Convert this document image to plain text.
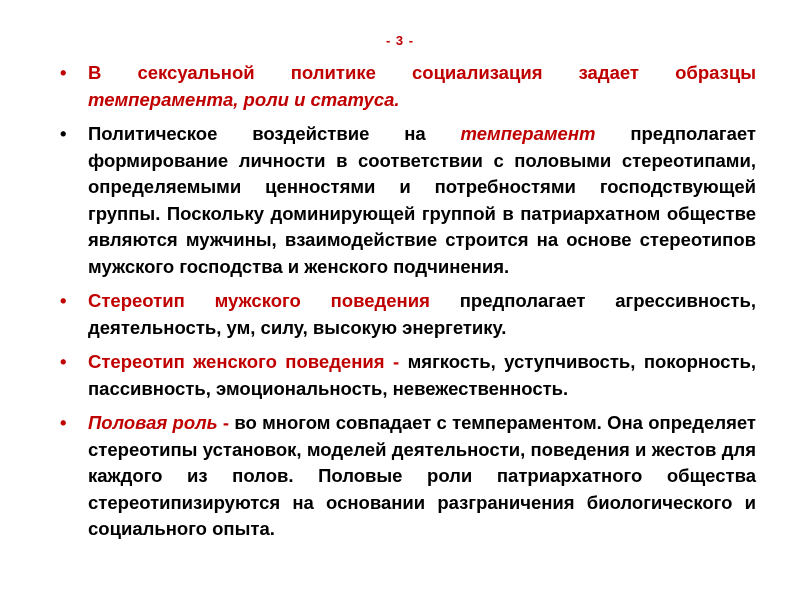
- 3 -
• В сексуальной политике социализация задает образцы темперамента, роли и статуса.
• Политическое воздействие на темперамент предполагает формирование личности в соответствии с половыми стереотипами, определяемыми ценностями и потребностями господствующей группы. Поскольку доминирующей группой в патриархатном обществе являются мужчины, взаимодействие строится на основе стереотипов мужского господства и женского подчинения.
• Стереотип мужского поведения предполагает агрессивность, деятельность, ум, силу, высокую энергетику.
• Стереотип женского поведения - мягкость, уступчивость, покорность, пассивность, эмоциональность, невежественность.
• Половая роль - во многом совпадает с темпераментом. Она определяет стереотипы установок, моделей деятельности, поведения и жестов для каждого из полов. Половые роли патриархатного общества стереотипизируются на основании разграничения биологического и социального опыта.
